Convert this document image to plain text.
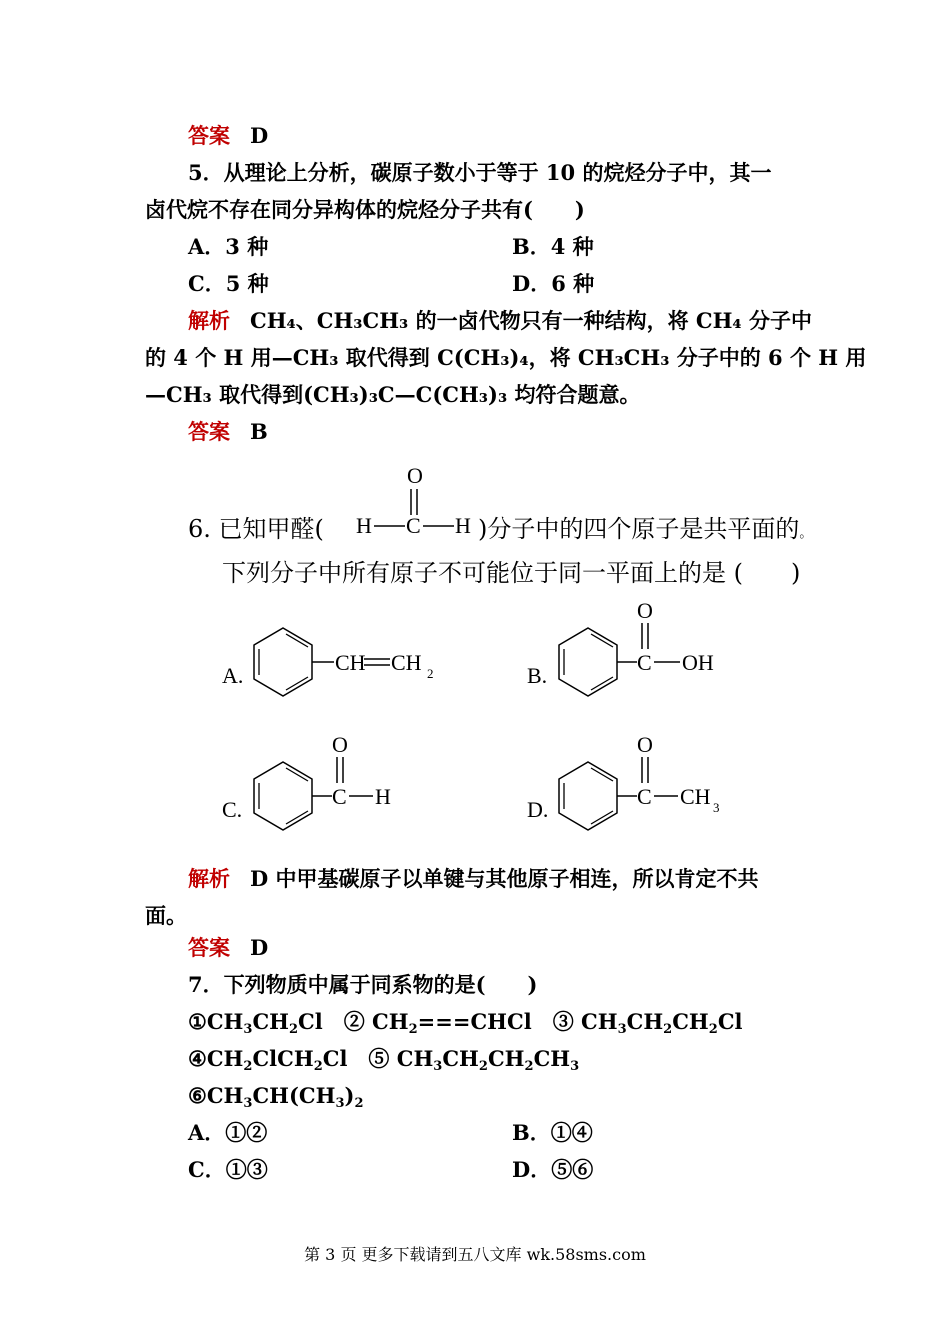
答案 D
5．从理论上分析，碳原子数小于等于 10 的烷烃分子中，其一
卤代烷不存在同分异构体的烷烃分子共有(　　)
A．3 种	B．4 种
C．5 种	D．6 种
解析 CH₄、CH₃CH₃ 的一卤代物只有一种结构，将 CH₄ 分子中
的 4 个 H 用—CH₃ 取代得到 C(CH₃)₄，将 CH₃CH₃ 分子中的 6 个 H 用
—CH₃ 取代得到(CH₃)₃C—C(CH₃)₃ 均符合题意。
答案 B
6. 已知甲醛(
O
H C H )分子中的四个原子是共平面的。
下列分子中所有原子不可能位于同一平面上的是 (　　)
A.
CH CH 2	B.
O
C OH
C.
O
C H
D.
O
C CH 3
解析 D 中甲基碳原子以单键与其他原子相连，所以肯定不共
面。
答案 D
7．下列物质中属于同系物的是(　　)
$①CH_3CH_2Cl$　② $CH_2===CHCl$　③ $CH_3CH_2CH_2Cl$
$④CH_2ClCH_2Cl$　⑤ $CH_3CH_2CH_2CH_3$
$⑥CH_3CH(CH_3)_2$
A．①②	B．①④
C．①③	D．⑤⑥
第 3 页 更多下载请到五八文库 wk.58sms.com
